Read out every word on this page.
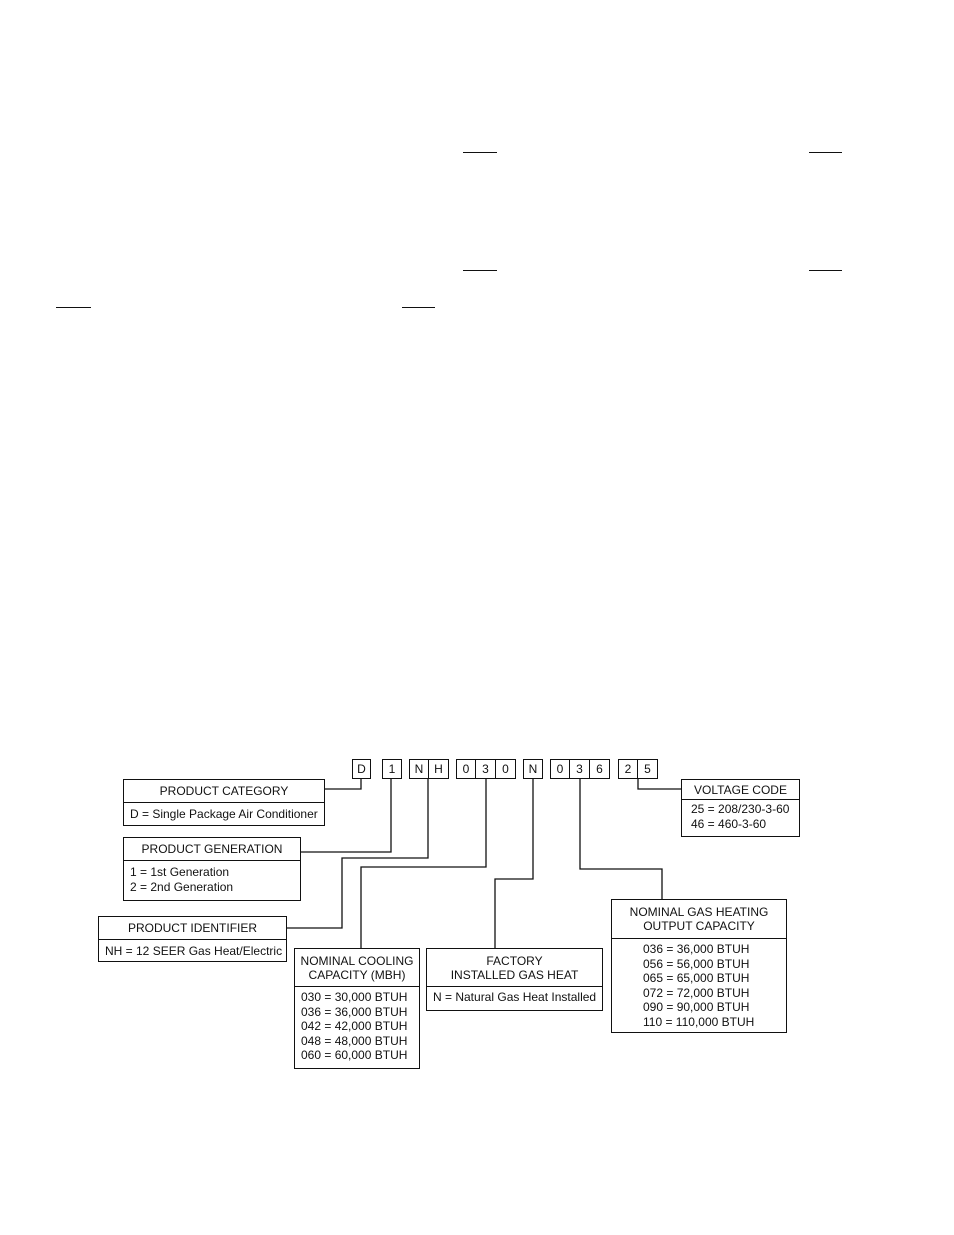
D	1	N H	0	3	0	N	0	3	6	2	5
PRODUCT CATEGORY
D = Single Package Air Conditioner
PRODUCT GENERATION
1 = 1st Generation
2 = 2nd Generation
PRODUCT IDENTIFIER
NH = 12 SEER Gas Heat/Electric
NOMINAL COOLING
CAPACITY (MBH)
030 = 30,000 BTUH
036 = 36,000 BTUH
042 = 42,000 BTUH
048 = 48,000 BTUH
060 = 60,000 BTUH
FACTORY
INSTALLED GAS HEAT
N = Natural Gas Heat Installed
NOMINAL GAS HEATING
OUTPUT CAPACITY
036 = 36,000 BTUH
056 = 56,000 BTUH
065 = 65,000 BTUH
072 = 72,000 BTUH
090 = 90,000 BTUH
110 = 110,000 BTUH
VOLTAGE CODE
25 = 208/230-3-60
46 = 460-3-60
